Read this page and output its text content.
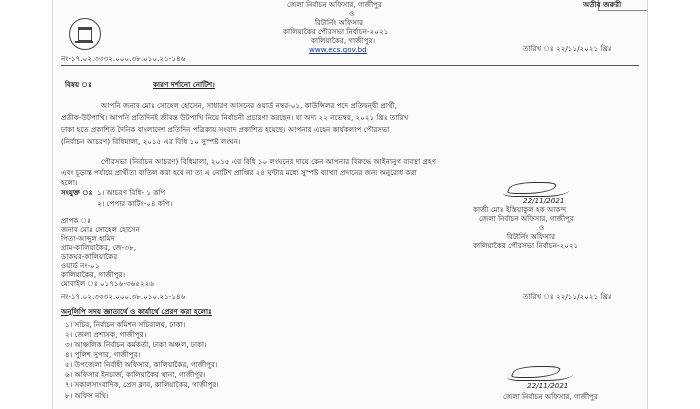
অতীব জরুরী
জেলা নির্বাচন অফিসার, গাজীপুর
ও
রিটার্নিং অফিসার
কালিয়াকৈর পৌরসভা নির্বাচন-২০২১
কালিয়াকৈর, গাজীপুর।
www.ecs.gov.bd
নং-১৭.০২.৩৩৩২.০০০.৩৮.০১০.২১-১৪৬
তারিখ ঃ ২২/১১/২০২১ খ্রিঃ
বিষয় ঃ	কারণ দর্শানো নোটিশ।
আপনি জনাব মোঃ সোহেল হোসেন, সাধারণ আসনের ওয়ার্ড নম্বর-০১, কাউন্সিলর পদে প্রতিদ্বন্দ্বী প্রার্থী,
প্রতীক-উটপাখি। আপনি প্রতিদিনই জীবন্ত উটপাখি নিয়ে নির্বাচনী প্রচারণা করছেন। যা অদ্য ২২ নভেম্বর, ২০২১ খ্রিঃ তারিখ
ঢাকা হতে প্রকাশিত দৈনিক বাংলাদেশ প্রতিদিন পত্রিকায় সংবাদ প্রকাশিত হয়েছে। আপনার এহেন কার্যকলাপ পৌরসভা
(নির্বাচন আচরণ) বিধিমালা, ২০১৫ এর বিধি ১০ সুস্পষ্ট লংঘন।
পৌরসভা (নির্বাচন আচরণ) বিধিমালা, ২০১৫ এর বিধি ১০ লংঘনের দায়ে কেন আপনার বিরুদ্ধে আইনানুগ ব্যবস্থা গ্রহণ
এবং চূড়ান্ত পর্যায়ে প্রার্থীতা বাতিল করা হবে না তা এ নোটিশ প্রাপ্তির ২৪ ঘন্টার মধ্যে সুস্পষ্ট ব্যাখ্যা প্রদানের জন্য অনুরোধ করা
হলো।
সংযুক্ত ঃ ১। আচরণ বিধি- ১ কপি
২। পেপার কাটিং-০৪ কপি।	22/11/2021
কাজী মোঃ ইস্তিয়াকুল হক আকন্দ
জেলা নির্বাচন অফিসার, গাজীপুর
ও
রিটার্নিং অফিসার
কালিয়াকৈর পৌরসভা নির্বাচন-২০২১
প্রাপক ঃ
জনাব মোঃ সোহেল হোসেন
পিতা-আব্দুল হামিদ
গ্রাম-কালিয়াকৈর, জে-৩৮,
ডাকঘর-কালিয়াকৈর
ওয়ার্ড নং-০১
কালিয়াকৈর, গাজীপুর।
মোবাইল ঃ ০১৭১৬-৩৬৫২২৬
নং-১৭.০২.৩৩৩২.০০০.৩৮.০১০.২১-১৪৬	তারিখ ঃ ২২/১১/২০২১ খ্রিঃ
অনুলিপি সদয় জ্ঞাতার্থে ও কার্যার্থে প্রেরণ করা হলোঃ
১। সচিব, নির্বাচন কমিশন সচিবালয়, ঢাকা।
২। জেলা প্রশাসক, গাজীপুর।
৩। আঞ্চলিক নির্বাচন কর্মকর্তা, ঢাকা অঞ্চল, ঢাকা।
৪। পুলিশ সুপার, গাজীপুর।
৫। উপজেলা নির্বাহী অফিসার, কালিয়াকৈর, গাজীপুর।
৬। অফিসার ইনচার্জ, কালিয়াকৈর থানা, গাজীপুর।
৭। সকালসাংবাদিক, প্রেস ক্লাব, কালিয়াকৈর, গাজীপুর।
৮। অফিস নথি।
22/11/2021
জেলা নির্বাচন অফিসার, গাজীপুর
